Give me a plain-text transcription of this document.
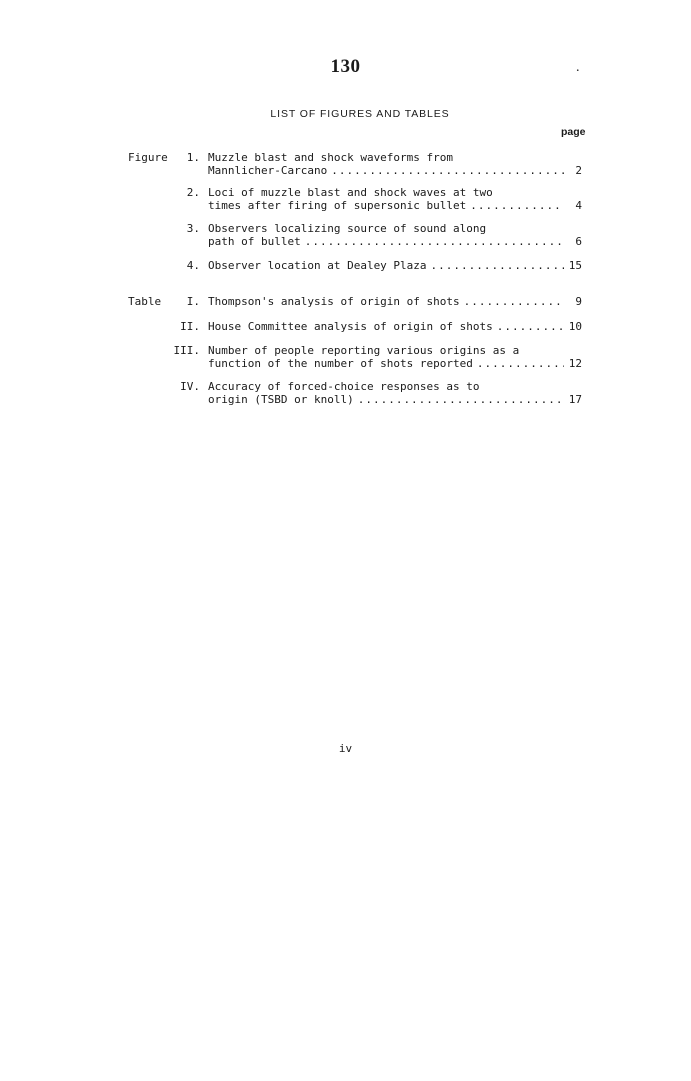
130	.
LIST OF FIGURES AND TABLES
page
Figure 1. Muzzle blast and shock waveforms from
Mannlicher-Carcano .....	2
2. Loci of muzzle blast and shock waves at two
times after firing of supersonic bullet .....	4
3. Observers localizing source of sound along
path of bullet .....	6
4. Observer location at Dealey Plaza .....	15
Table I. Thompson's analysis of origin of shots .....	9
II. House Committee analysis of origin of shots .....	10
III. Number of people reporting various origins as a
function of the number of shots reported .....	12
IV. Accuracy of forced-choice responses as to
origin (TSBD or knoll) .....	17
iv
